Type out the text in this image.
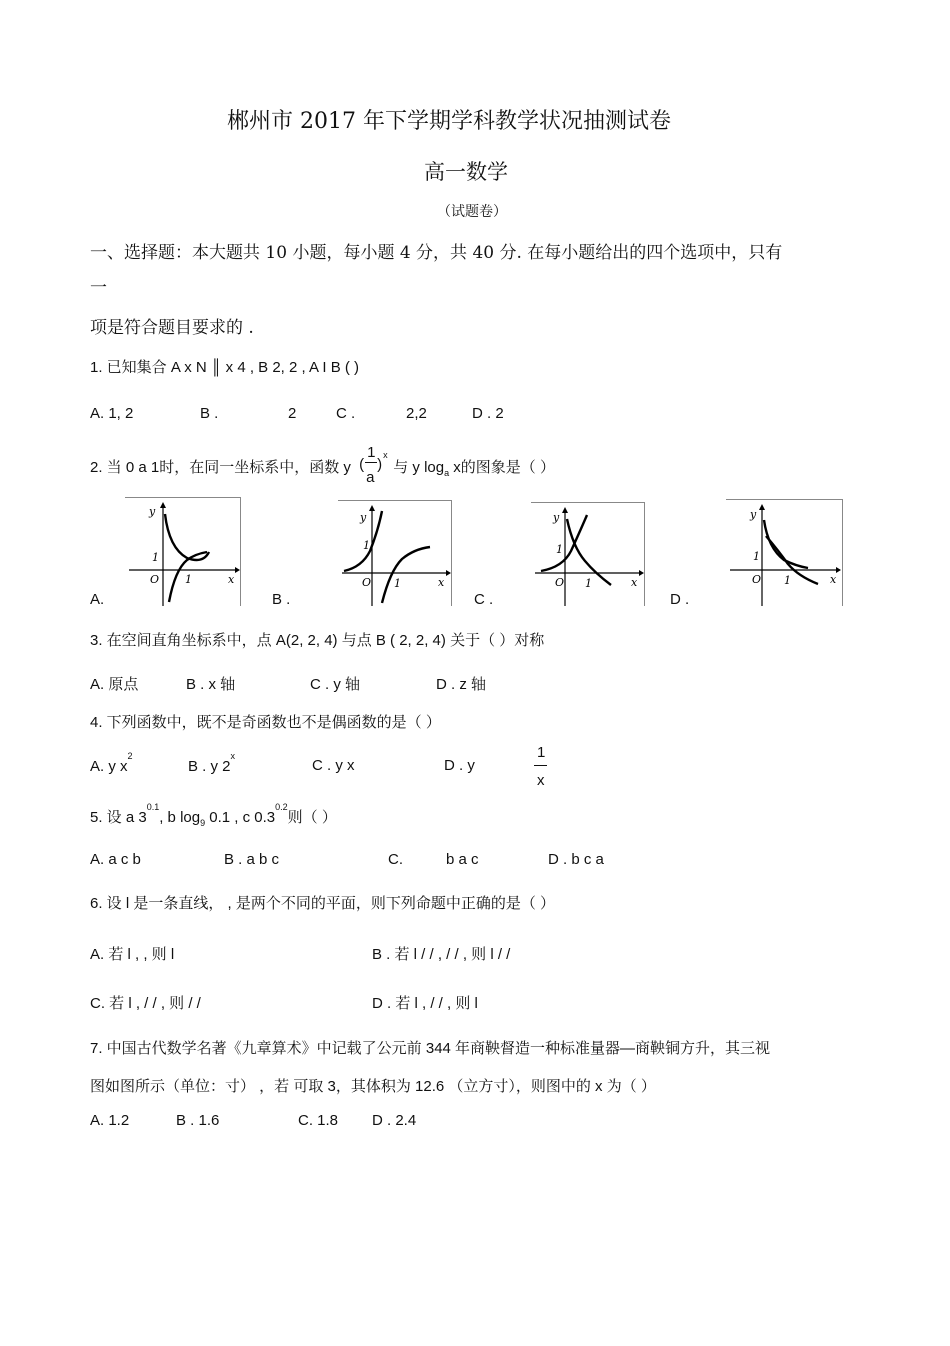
郴州市 2017 年下学期学科教学状况抽测试卷
高一数学
（试题卷）
一、选择题：本大题共 10 小题，每小题 4 分，共 40 分. 在每小题给出的四个选项中，只有
一
项是符合题目要求的 .
1. 已知集合 A x N ║ x 4 , B 2, 2 , A I B ( )
A. 1, 2	B .	2	C .	2,2	D . 2
2. 当 0 a 1时，在同一坐标系中，函数 y (
1
a
)
x
与 y $\log_a x$的图象是（ ）
y
x
O
1
1
y
x
O
1
1
y
x
O
1
1
y
x
O
1
1
A.	B .	C .	D .
3. 在空间直角坐标系中，点 A(2, 2, 4) 与点 B ( 2, 2, 4) 关于（ ）对称
A. 原点	B . x 轴	C . y 轴	D . z 轴
4. 下列函数中，既不是奇函数也不是偶函数的是（ ）
A. y $x^2$
B . y 2$^x$
C . y x	D . y
1
x
5. 设 a $3^{0.1}$, b $\log_9 0.1$ , c $0.3^{0.2}$则（ ）
A. a c b	B . a b c	C.	b a c	D . b c a
6. 设 l 是一条直线， , 是两个不同的平面，则下列命题中正确的是（ ）
A. 若 l , , 则 l	B . 若 l / / , / / , 则 l / /
C. 若 l , / / , 则 / /	D . 若 l , / / , 则 l
7. 中国古代数学名著《九章算术》中记载了公元前 344 年商鞅督造一种标准量器—商鞅铜方升，其三视
图如图所示（单位：寸） ，若 可取 3，其体积为 12.6 （立方寸），则图中的 x 为（ ）
A. 1.2	B . 1.6	C. 1.8 D . 2.4
